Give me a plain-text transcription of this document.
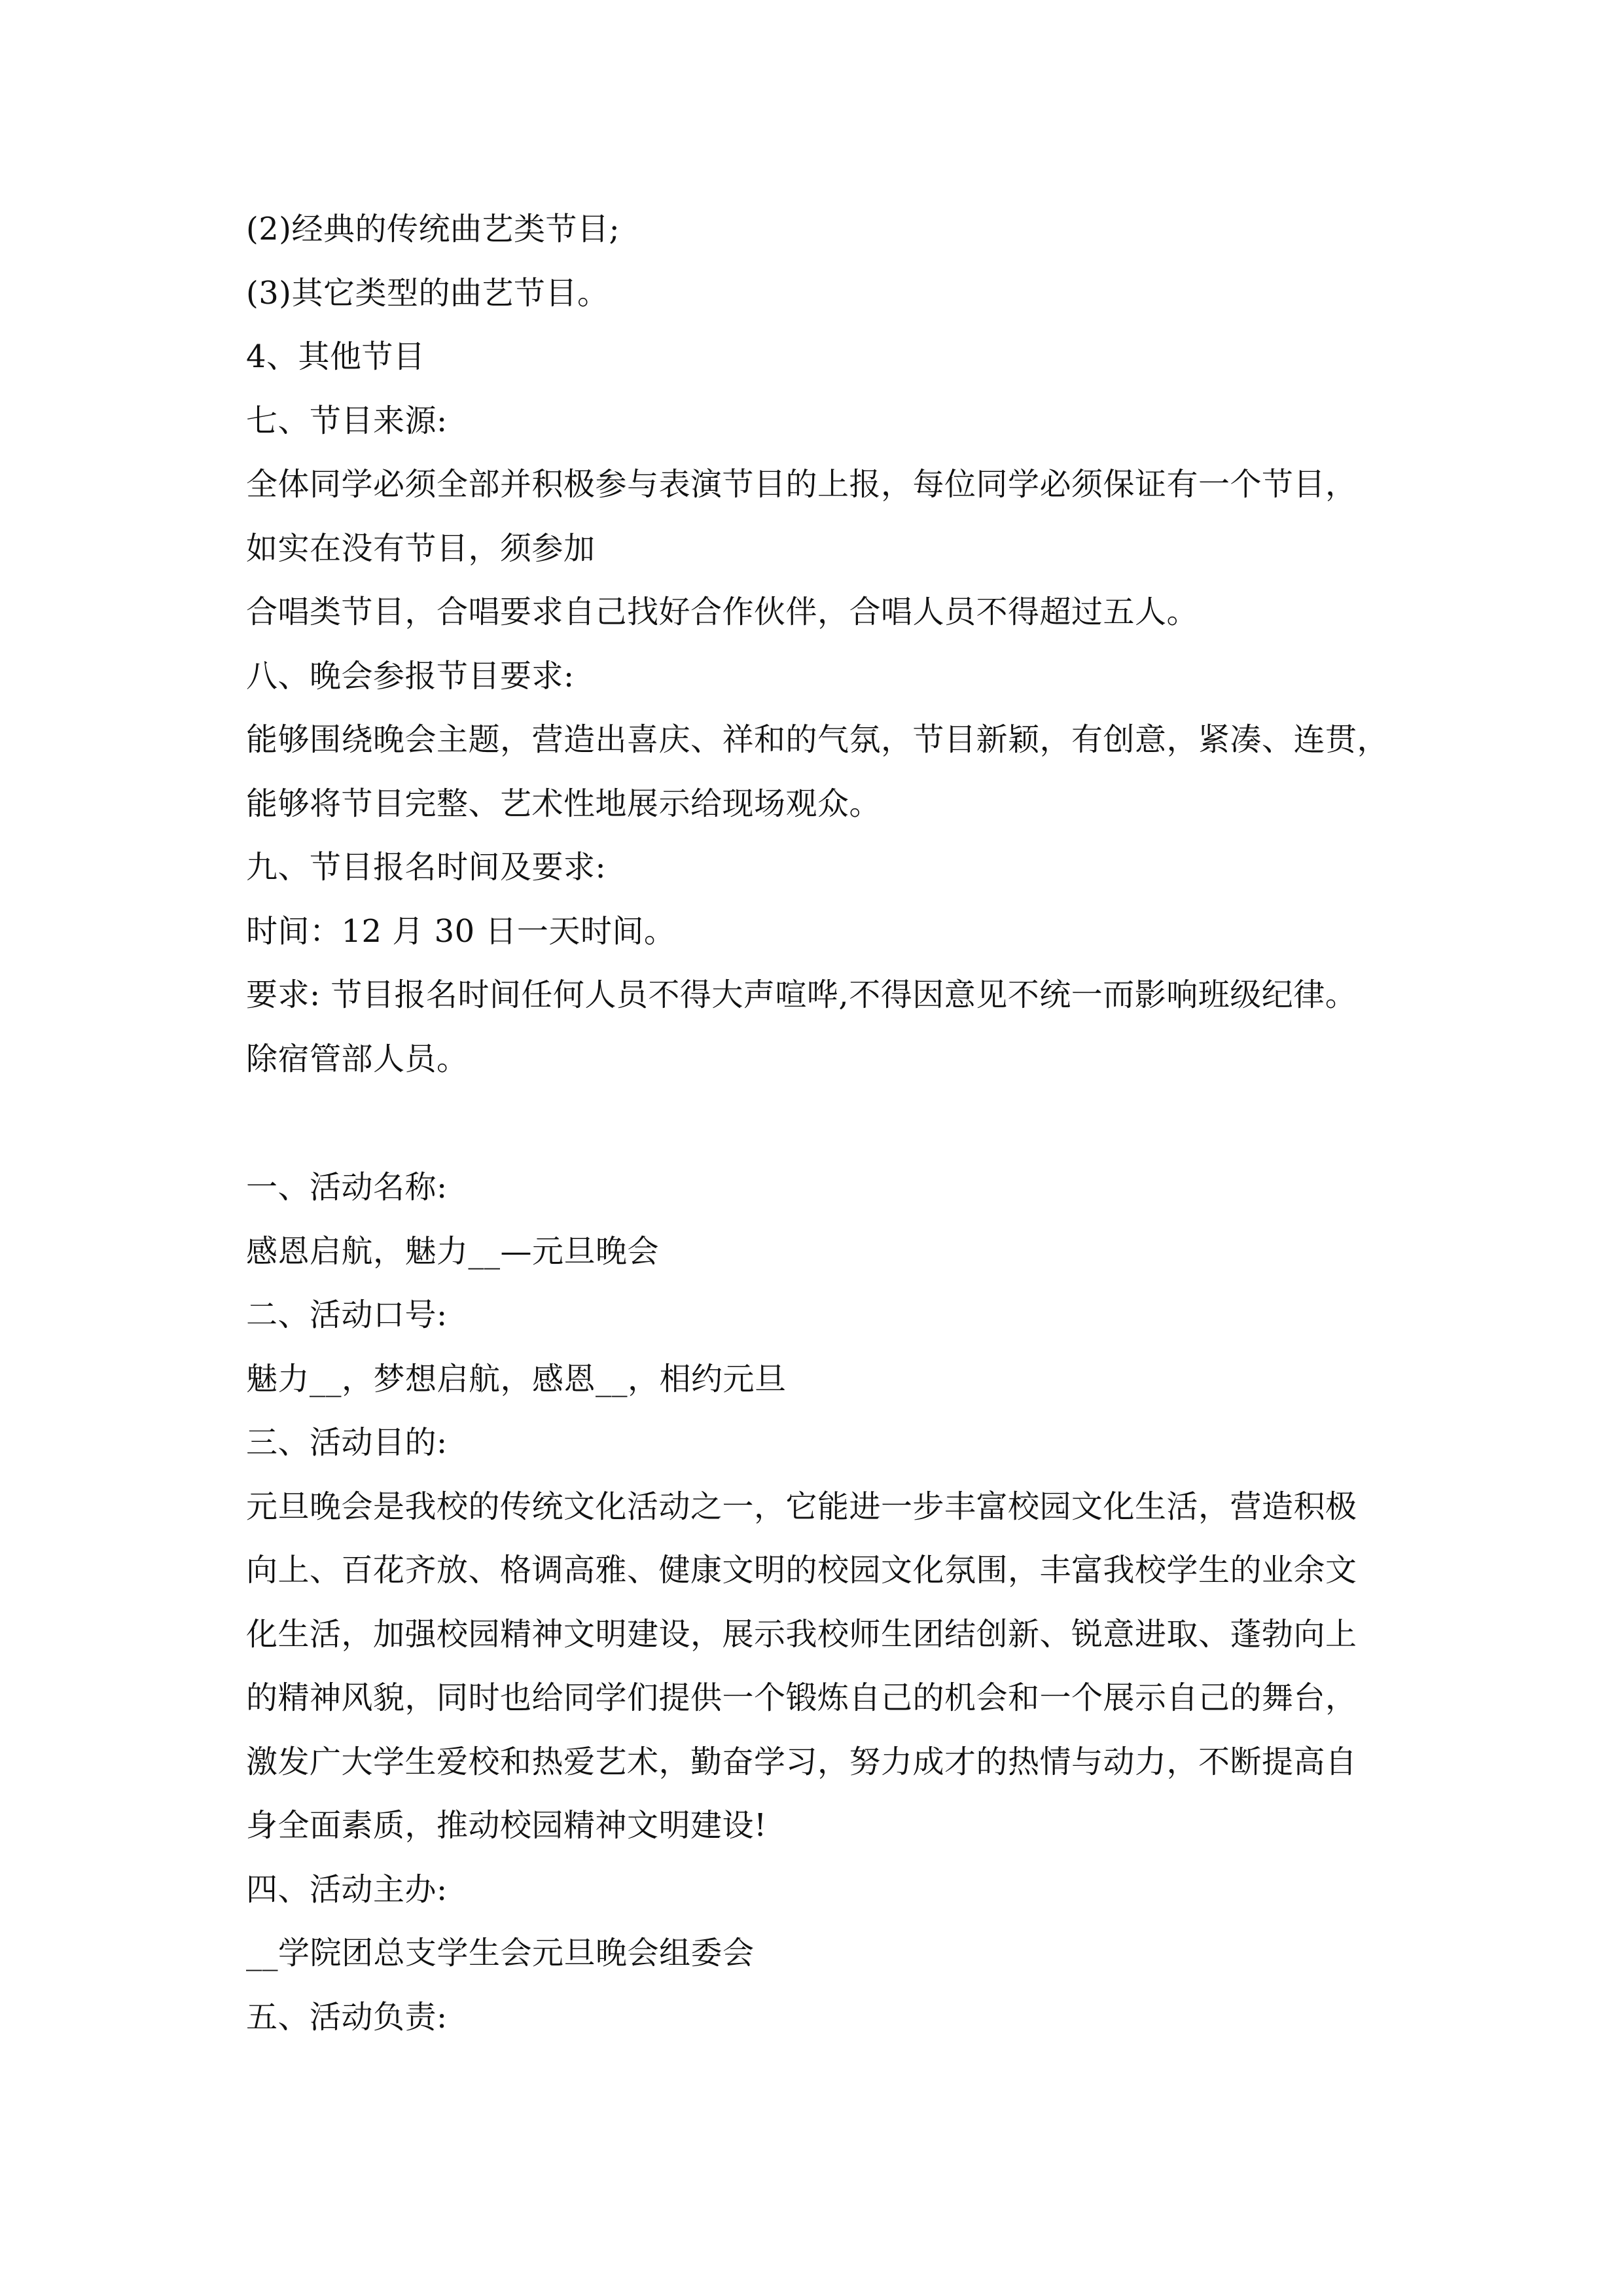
(2)经典的传统曲艺类节目;
(3)其它类型的曲艺节目。
4、其他节目
七、节目来源:
全体同学必须全部并积极参与表演节目的上报，每位同学必须保证有一个节目，
如实在没有节目，须参加
合唱类节目，合唱要求自己找好合作伙伴，合唱人员不得超过五人。
八、晚会参报节目要求:
能够围绕晚会主题，营造出喜庆、祥和的气氛，节目新颖，有创意，紧凑、连贯，
能够将节目完整、艺术性地展示给现场观众。
九、节目报名时间及要求:
时间：12 月 30 日一天时间。
要求: 节目报名时间任何人员不得大声喧哗,不得因意见不统一而影响班级纪律。
除宿管部人员。
一、活动名称:
感恩启航，魅力__—元旦晚会
二、活动口号:
魅力__，梦想启航，感恩__，相约元旦
三、活动目的:
元旦晚会是我校的传统文化活动之一，它能进一步丰富校园文化生活，营造积极
向上、百花齐放、格调高雅、健康文明的校园文化氛围，丰富我校学生的业余文
化生活，加强校园精神文明建设，展示我校师生团结创新、锐意进取、蓬勃向上
的精神风貌，同时也给同学们提供一个锻炼自己的机会和一个展示自己的舞台，
激发广大学生爱校和热爱艺术，勤奋学习，努力成才的热情与动力，不断提高自
身全面素质，推动校园精神文明建设!
四、活动主办:
__学院团总支学生会元旦晚会组委会
五、活动负责:
